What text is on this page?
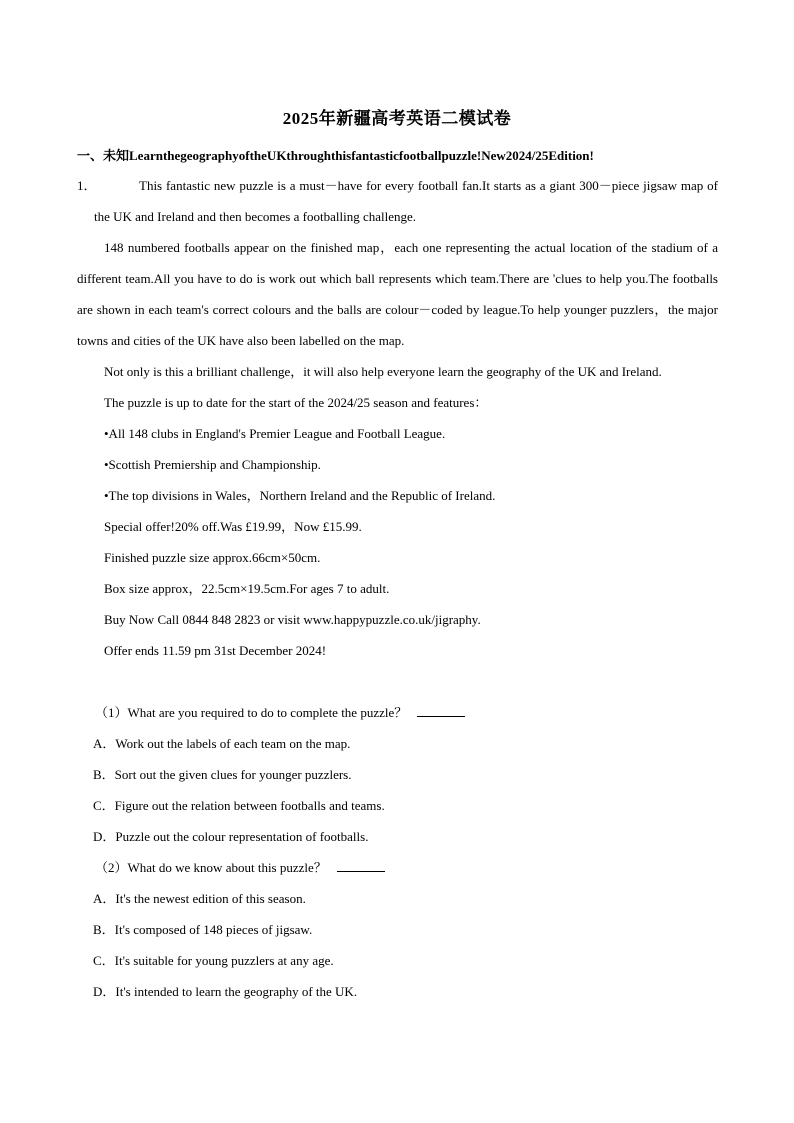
2025年新疆高考英语二模试卷
一、未知LearnthegeographyoftheUKthroughthisfantasticfootballpuzzle!New2024/25Edition!

1．	This fantastic new puzzle is a must－have for every football fan.It starts as a giant 300－piece jigsaw map of the UK and Ireland and then becomes a footballing challenge.

148 numbered footballs appear on the finished map，each one representing the actual location of the stadium of a different team.All you have to do is work out which ball represents which team.There are 'clues to help you.The footballs are shown in each team's correct colours and the balls are colour－coded by league.To help younger puzzlers，the major towns and cities of the UK have also been labelled on the map.

Not only is this a brilliant challenge，it will also help everyone learn the geography of the UK and Ireland.

The puzzle is up to date for the start of the 2024/25 season and features：

•All 148 clubs in England's Premier League and Football League.

•Scottish Premiership and Championship.

•The top divisions in Wales，Northern Ireland and the Republic of Ireland.

Special offer!20% off.Was £19.99，Now £15.99.

Finished puzzle size approx.66cm×50cm.

Box size approx，22.5cm×19.5cm.For ages 7 to adult.

Buy Now Call 0844 848 2823 or visit www.happypuzzle.co.uk/jigraphy.

Offer ends 11.59 pm 31st December 2024!

（1）What are you required to do to complete the puzzle？

A．Work out the labels of each team on the map.

B．Sort out the given clues for younger puzzlers.

C．Figure out the relation between footballs and teams.

D．Puzzle out the colour representation of footballs.

（2）What do we know about this puzzle？

A．It's the newest edition of this season.

B．It's composed of 148 pieces of jigsaw.

C．It's suitable for young puzzlers at any age.

D．It's intended to learn the geography of the UK.
